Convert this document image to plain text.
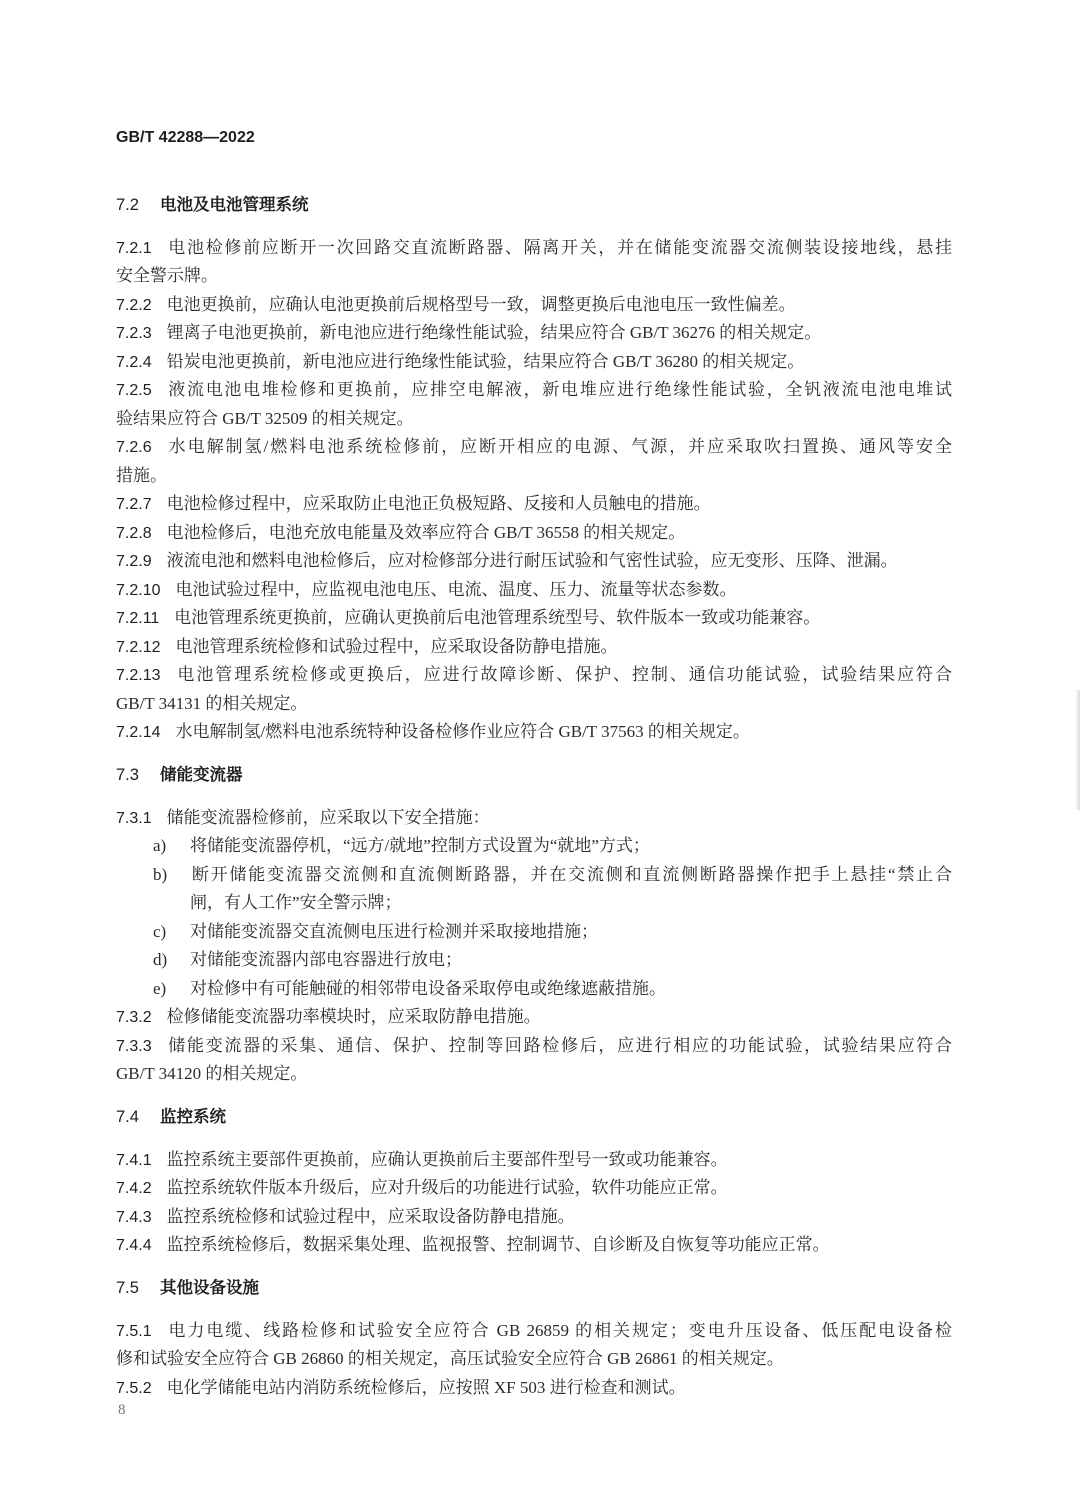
GB/T 42288—2022
7.2 电池及电池管理系统
7.2.1 电池检修前应断开一次回路交直流断路器、隔离开关，并在储能变流器交流侧装设接地线，悬挂
安全警示牌。
7.2.2 电池更换前，应确认电池更换前后规格型号一致，调整更换后电池电压一致性偏差。
7.2.3 锂离子电池更换前，新电池应进行绝缘性能试验，结果应符合 GB/T 36276 的相关规定。
7.2.4 铅炭电池更换前，新电池应进行绝缘性能试验，结果应符合 GB/T 36280 的相关规定。
7.2.5 液流电池电堆检修和更换前，应排空电解液，新电堆应进行绝缘性能试验，全钒液流电池电堆试
验结果应符合 GB/T 32509 的相关规定。
7.2.6 水电解制氢/燃料电池系统检修前，应断开相应的电源、气源，并应采取吹扫置换、通风等安全
措施。
7.2.7 电池检修过程中，应采取防止电池正负极短路、反接和人员触电的措施。
7.2.8 电池检修后，电池充放电能量及效率应符合 GB/T 36558 的相关规定。
7.2.9 液流电池和燃料电池检修后，应对检修部分进行耐压试验和气密性试验，应无变形、压降、泄漏。
7.2.10 电池试验过程中，应监视电池电压、电流、温度、压力、流量等状态参数。
7.2.11 电池管理系统更换前，应确认更换前后电池管理系统型号、软件版本一致或功能兼容。
7.2.12 电池管理系统检修和试验过程中，应采取设备防静电措施。
7.2.13 电池管理系统检修或更换后，应进行故障诊断、保护、控制、通信功能试验，试验结果应符合
GB/T 34131 的相关规定。
7.2.14 水电解制氢/燃料电池系统特种设备检修作业应符合 GB/T 37563 的相关规定。
7.3 储能变流器
7.3.1 储能变流器检修前，应采取以下安全措施：
a) 将储能变流器停机，“远方/就地”控制方式设置为“就地”方式；
b) 断开储能变流器交流侧和直流侧断路器，并在交流侧和直流侧断路器操作把手上悬挂“禁止合
闸，有人工作”安全警示牌；
c) 对储能变流器交直流侧电压进行检测并采取接地措施；
d) 对储能变流器内部电容器进行放电；
e) 对检修中有可能触碰的相邻带电设备采取停电或绝缘遮蔽措施。
7.3.2 检修储能变流器功率模块时，应采取防静电措施。
7.3.3 储能变流器的采集、通信、保护、控制等回路检修后，应进行相应的功能试验，试验结果应符合
GB/T 34120 的相关规定。
7.4 监控系统
7.4.1 监控系统主要部件更换前，应确认更换前后主要部件型号一致或功能兼容。
7.4.2 监控系统软件版本升级后，应对升级后的功能进行试验，软件功能应正常。
7.4.3 监控系统检修和试验过程中，应采取设备防静电措施。
7.4.4 监控系统检修后，数据采集处理、监视报警、控制调节、自诊断及自恢复等功能应正常。
7.5 其他设备设施
7.5.1 电力电缆、线路检修和试验安全应符合 GB 26859 的相关规定；变电升压设备、低压配电设备检
修和试验安全应符合 GB 26860 的相关规定，高压试验安全应符合 GB 26861 的相关规定。
7.5.2 电化学储能电站内消防系统检修后，应按照 XF 503 进行检查和测试。
8
